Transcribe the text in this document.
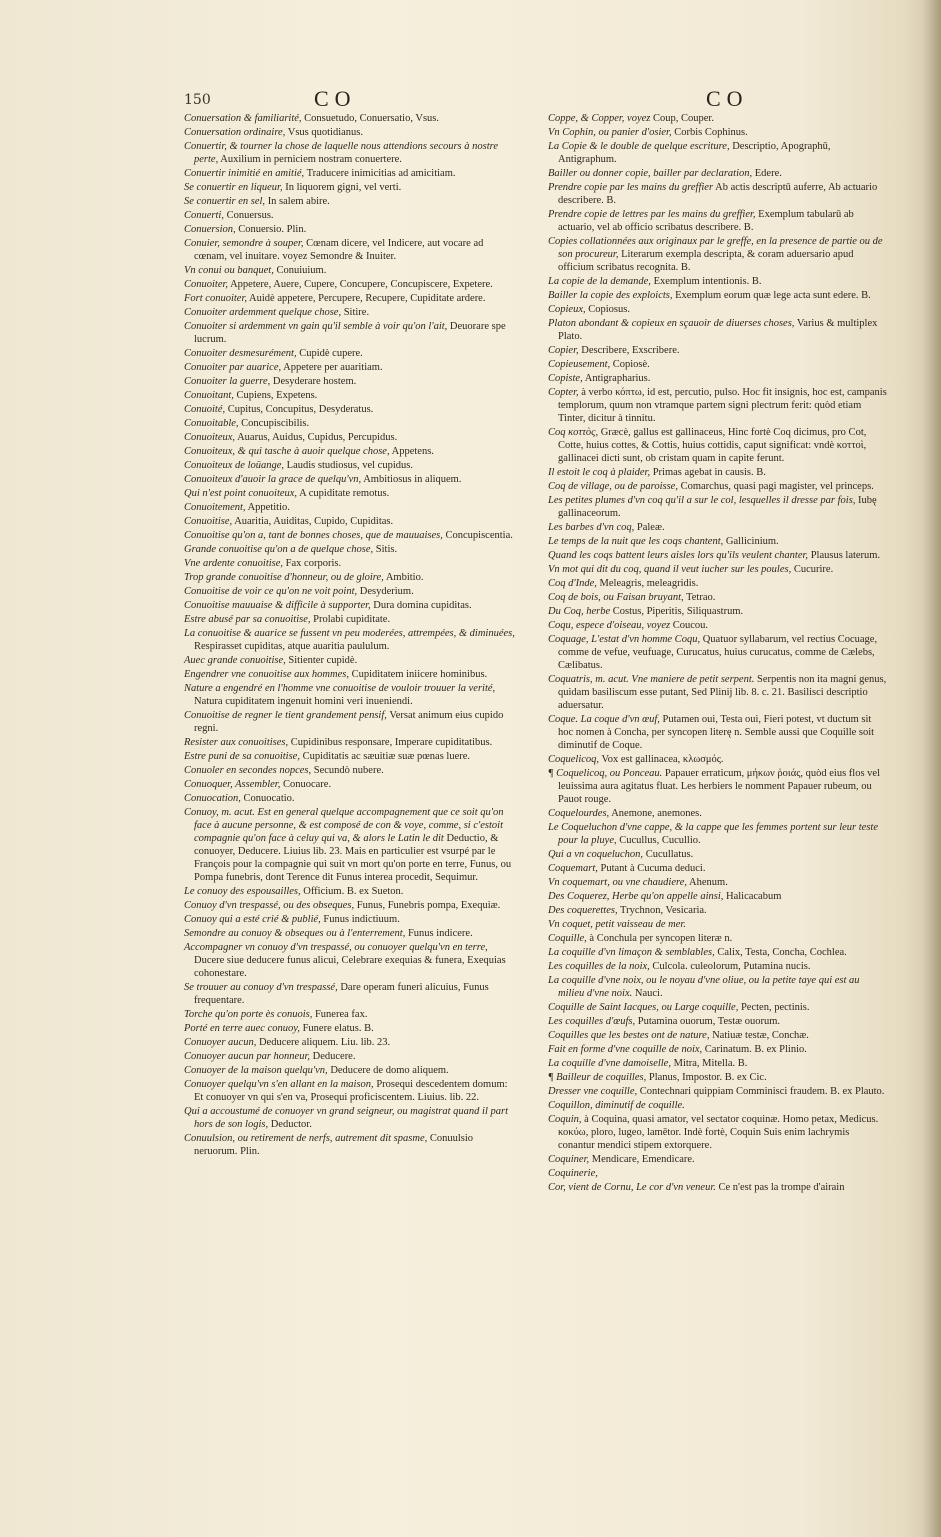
150	CO	CO
Conuersation & familiarité, Consuetudo, Conuersatio, Vsus.
Conuersation ordinaire, Vsus quotidianus.
Conuertir, & tourner la chose de laquelle nous attendions secours à nostre perte, Auxilium in perniciem nostram conuertere.
Conuertir inimitié en amitié, Traducere inimicitias ad amicitiam.
Se conuertir en liqueur, In liquorem gigni, vel verti.
Se conuertir en sel, In salem abire.
Conuerti, Conuersus.
Conuersion, Conuersio. Plin.
Conuier, semondre à souper, Cœnam dicere, vel Indicere, aut vocare ad cœnam, vel inuitare. voyez Semondre & Inuiter.
Vn conui ou banquet, Conuiuium.
Conuoiter, Appetere, Auere, Cupere, Concupere, Concupiscere, Expetere.
Fort conuoiter, Auidè appetere, Percupere, Recupere, Cupiditate ardere.
Conuoiter ardemment quelque chose, Sitire.
Conuoiter si ardemment vn gain qu'il semble à voir qu'on l'ait, Deuorare spe lucrum.
Conuoiter desmesurément, Cupidè cupere.
Conuoiter par auarice, Appetere per auaritiam.
Conuoiter la guerre, Desyderare hostem.
Conuoitant, Cupiens, Expetens.
Conuoité, Cupitus, Concupitus, Desyderatus.
Conuoitable, Concupiscibilis.
Conuoiteux, Auarus, Auidus, Cupidus, Percupidus.
Conuoiteux, & qui tasche à auoir quelque chose, Appetens.
Conuoiteux de loüange, Laudis studiosus, vel cupidus.
Conuoiteux d'auoir la grace de quelqu'vn, Ambitiosus in aliquem.
Qui n'est point conuoiteux, A cupiditate remotus.
Conuoitement, Appetitio.
Conuoitise, Auaritia, Auiditas, Cupido, Cupiditas.
Conuoitise qu'on a, tant de bonnes choses, que de mauuaises, Concupiscentia.
Grande conuoitise qu'on a de quelque chose, Sitis.
Vne ardente conuoitise, Fax corporis.
Trop grande conuoitise d'honneur, ou de gloire, Ambitio.
Conuoitise de voir ce qu'on ne voit point, Desyderium.
Conuoitise mauuaise & difficile à supporter, Dura domina cupiditas.
Estre abusé par sa conuoitise, Prolabi cupiditate.
La conuoitise & auarice se fussent vn peu moderées, attrempées, & diminuées, Respirasset cupiditas, atque auaritia paululum.
Auec grande conuoitise, Sitienter cupidè.
Engendrer vne conuoitise aux hommes, Cupiditatem iniicere hominibus.
Nature a engendré en l'homme vne conuoitise de vouloir trouuer la verité, Natura cupiditatem ingenuit homini veri inueniendi.
Conuoitise de regner le tient grandement pensif, Versat animum eius cupido regni.
Resister aux conuoitises, Cupidinibus responsare, Imperare cupiditatibus.
Estre puni de sa conuoitise, Cupiditatis ac sæuitiæ suæ pœnas luere.
Conuoler en secondes nopces, Secundò nubere.
Conuoquer, Assembler, Conuocare.
Conuocation, Conuocatio.
Conuoy, m. acut. Est en general quelque accompagnement que ce soit qu'on face à aucune personne, & est composé de con & voye, comme, si c'estoit compagnie qu'on face à celuy qui va, & alors le Latin le dit Deductio, & conuoyer, Deducere. Liuius lib. 23. Mais en particulier est vsurpé par le François pour la compagnie qui suit vn mort qu'on porte en terre, Funus, ou Pompa funebris, dont Terence dit Funus interea procedit, Sequimur.
Le conuoy des espousailles, Officium. B. ex Sueton.
Conuoy d'vn trespassé, ou des obseques, Funus, Funebris pompa, Exequiæ.
Conuoy qui a esté crié & publié, Funus indictiuum.
Semondre au conuoy & obseques ou à l'enterrement, Funus indicere.
Accompagner vn conuoy d'vn trespassé, ou conuoyer quelqu'vn en terre, Ducere siue deducere funus alicui, Celebrare exequias & funera, Exequias cohonestare.
Se trouuer au conuoy d'vn trespassé, Dare operam funeri alicuius, Funus frequentare.
Torche qu'on porte ès conuois, Funerea fax.
Porté en terre auec conuoy, Funere elatus. B.
Conuoyer aucun, Deducere aliquem. Liu. lib. 23.
Conuoyer aucun par honneur, Deducere.
Conuoyer de la maison quelqu'vn, Deducere de domo aliquem.
Conuoyer quelqu'vn s'en allant en la maison, Prosequi descedentem domum: Et conuoyer vn qui s'en va, Prosequi proficiscentem. Liuius. lib. 22.
Qui a accoustumé de conuoyer vn grand seigneur, ou magistrat quand il part hors de son logis, Deductor.
Conuulsion, ou retirement de nerfs, autrement dit spasme, Conuulsio neruorum. Plin.
Coppe, & Copper, voyez Coup, Couper.
Vn Cophin, ou panier d'osier, Corbis Cophinus.
La Copie & le double de quelque escriture, Descriptio, Apographū, Antigraphum.
Bailler ou donner copie, bailler par declaration, Edere.
Prendre copie par les mains du greffier Ab actis descriptū auferre, Ab actuario describere. B.
Prendre copie de lettres par les mains du greffier, Exemplum tabularū ab actuario, vel ab officio scribatus describere. B.
Copies collationnées aux originaux par le greffe, en la presence de partie ou de son procureur, Literarum exempla descripta, & coram aduersario apud officium scribatus recognita. B.
La copie de la demande, Exemplum intentionis. B.
Bailler la copie des exploicts, Exemplum eorum quæ lege acta sunt edere. B.
Copieux, Copiosus.
Platon abondant & copieux en sçauoir de diuerses choses, Varius & multiplex Plato.
Copier, Describere, Exscribere.
Copieusement, Copiosè.
Copiste, Antigrapharius.
Copter, à verbo κόπτω, id est, percutio, pulso. Hoc fit insignis, hoc est, campanis templorum, quum non vtramque partem signi plectrum ferit: quòd etiam Tinter, dicitur à tinnitu.
Coq κοττὸς, Græcè, gallus est gallinaceus, Hinc fortè Coq dicimus, pro Cot, Cotte, huius cottes, & Cottis, huius cottidis, caput significat: vndè κοττοὶ, gallinacei dicti sunt, ob cristam quam in capite ferunt.
Il estoit le coq à plaider, Primas agebat in causis. B.
Coq de village, ou de paroisse, Comarchus, quasi pagi magister, vel princeps.
Les petites plumes d'vn coq qu'il a sur le col, lesquelles il dresse par fois, Iubę gallinaceorum.
Les barbes d'vn coq, Paleæ.
Le temps de la nuit que les coqs chantent, Gallicinium.
Quand les coqs battent leurs aisles lors qu'ils veulent chanter, Plausus laterum.
Vn mot qui dit du coq, quand il veut iucher sur les poules, Cucurire.
Coq d'Inde, Meleagris, meleagridis.
Coq de bois, ou Faisan bruyant, Tetrao.
Du Coq, herbe Costus, Piperitis, Siliquastrum.
Coqu, espece d'oiseau, voyez Coucou.
Coquage, L'estat d'vn homme Coqu, Quatuor syllabarum, vel rectius Cocuage, comme de vefue, veufuage, Curucatus, huius curucatus, comme de Cælebs, Cælibatus.
Coquatris, m. acut. Vne maniere de petit serpent. Serpentis non ita magni genus, quidam basiliscum esse putant, Sed Plinij lib. 8. c. 21. Basilisci descriptio aduersatur.
Coque. La coque d'vn œuf, Putamen oui, Testa oui, Fieri potest, vt ductum sit hoc nomen à Concha, per syncopen literę n. Semble aussi que Coquille soit diminutif de Coque.
Coquelicoq, Vox est gallinacea, κλωσμός.
¶ Coquelicoq, ou Ponceau. Papauer erraticum, μήκων ῥοιάς, quòd eius flos vel leuissima aura agitatus fluat. Les herbiers le nomment Papauer rubeum, ou Pauot rouge.
Coquelourdes, Anemone, anemones.
Le Coqueluchon d'vne cappe, & la cappe que les femmes portent sur leur teste pour la pluye, Cucullus, Cucullio.
Qui a vn coqueluchon, Cucullatus.
Coquemart, Putant à Cucuma deduci.
Vn coquemart, ou vne chaudiere, Ahenum.
Des Coquerez, Herbe qu'on appelle ainsi, Halicacabum
Des coquerettes, Trychnon, Vesicaria.
Vn coquet, petit vaisseau de mer.
Coquille, à Conchula per syncopen literæ n.
La coquille d'vn limaçon & semblables, Calix, Testa, Concha, Cochlea.
Les coquilles de la noix, Culcola. culeolorum, Putamina nucis.
La coquille d'vne noix, ou le noyau d'vne oliue, ou la petite taye qui est au milieu d'vne noix. Nauci.
Coquille de Saint Iacques, ou Large coquille, Pecten, pectinis.
Les coquilles d'œufs, Putamina ouorum, Testæ ouorum.
Coquilles que les bestes ont de nature, Natiuæ testæ, Conchæ.
Fait en forme d'vne coquille de noix, Carinatum. B. ex Plinio.
La coquille d'vne damoiselle, Mitra, Mitella. B.
¶ Bailleur de coquilles, Planus, Impostor. B. ex Cic.
Dresser vne coquille, Contechnari quippiam Comminisci fraudem. B. ex Plauto.
Coquillon, diminutif de coquille.
Coquin, à Coquina, quasi amator, vel sectator coquinæ. Homo petax, Medicus. κοκύω, ploro, lugeo, lamētor. Indè fortè, Coquin Suis enim lachrymis conantur mendici stipem extorquere.
Coquiner, Mendicare, Emendicare.
Coquinerie,
Cor, vient de Cornu, Le cor d'vn veneur. Ce n'est pas la trompe d'airain
